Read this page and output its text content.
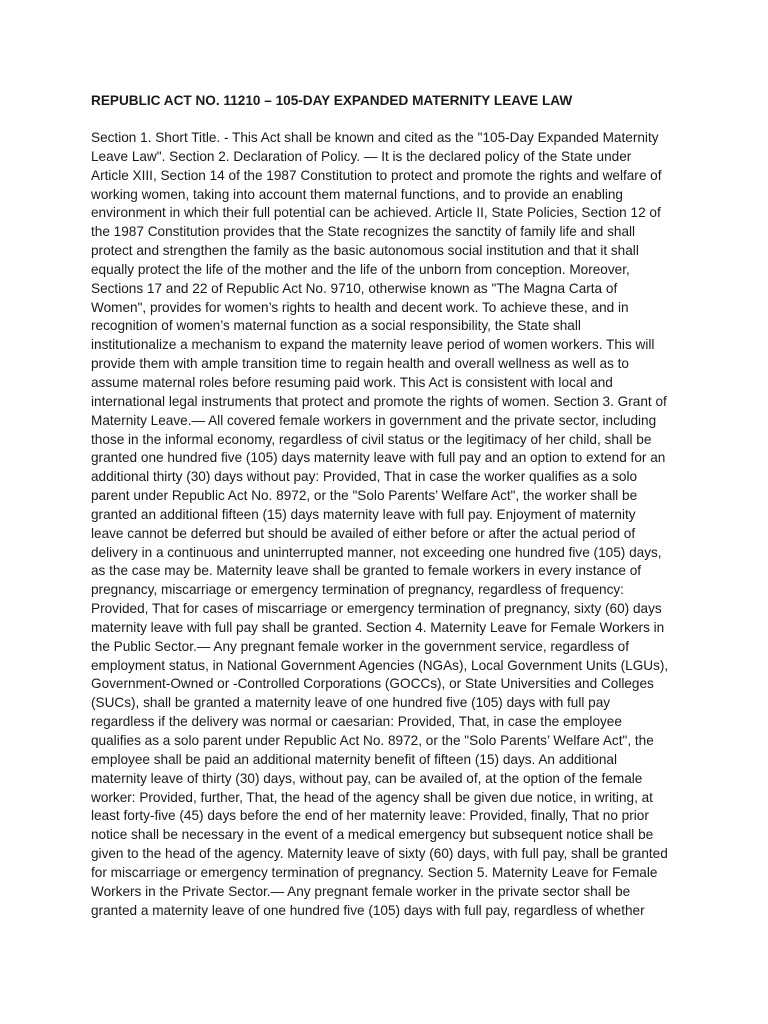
REPUBLIC ACT NO. 11210 – 105-DAY EXPANDED MATERNITY LEAVE LAW
Section 1. Short Title. - This Act shall be known and cited as the "105-Day Expanded Maternity
Leave Law". Section 2. Declaration of Policy. — It is the declared policy of the State under
Article XIII, Section 14 of the 1987 Constitution to protect and promote the rights and welfare of
working women, taking into account them maternal functions, and to provide an enabling
environment in which their full potential can be achieved. Article II, State Policies, Section 12 of
the 1987 Constitution provides that the State recognizes the sanctity of family life and shall
protect and strengthen the family as the basic autonomous social institution and that it shall
equally protect the life of the mother and the life of the unborn from conception. Moreover,
Sections 17 and 22 of Republic Act No. 9710, otherwise known as "The Magna Carta of
Women", provides for women’s rights to health and decent work. To achieve these, and in
recognition of women’s maternal function as a social responsibility, the State shall
institutionalize a mechanism to expand the maternity leave period of women workers. This will
provide them with ample transition time to regain health and overall wellness as well as to
assume maternal roles before resuming paid work. This Act is consistent with local and
international legal instruments that protect and promote the rights of women. Section 3. Grant of
Maternity Leave.— All covered female workers in government and the private sector, including
those in the informal economy, regardless of civil status or the legitimacy of her child, shall be
granted one hundred five (105) days maternity leave with full pay and an option to extend for an
additional thirty (30) days without pay: Provided, That in case the worker qualifies as a solo
parent under Republic Act No. 8972, or the "Solo Parents’ Welfare Act", the worker shall be
granted an additional fifteen (15) days maternity leave with full pay. Enjoyment of maternity
leave cannot be deferred but should be availed of either before or after the actual period of
delivery in a continuous and uninterrupted manner, not exceeding one hundred five (105) days,
as the case may be. Maternity leave shall be granted to female workers in every instance of
pregnancy, miscarriage or emergency termination of pregnancy, regardless of frequency:
Provided, That for cases of miscarriage or emergency termination of pregnancy, sixty (60) days
maternity leave with full pay shall be granted. Section 4. Maternity Leave for Female Workers in
the Public Sector.— Any pregnant female worker in the government service, regardless of
employment status, in National Government Agencies (NGAs), Local Government Units (LGUs),
Government-Owned or -Controlled Corporations (GOCCs), or State Universities and Colleges
(SUCs), shall be granted a maternity leave of one hundred five (105) days with full pay
regardless if the delivery was normal or caesarian: Provided, That, in case the employee
qualifies as a solo parent under Republic Act No. 8972, or the "Solo Parents’ Welfare Act", the
employee shall be paid an additional maternity benefit of fifteen (15) days. An additional
maternity leave of thirty (30) days, without pay, can be availed of, at the option of the female
worker: Provided, further, That, the head of the agency shall be given due notice, in writing, at
least forty-five (45) days before the end of her maternity leave: Provided, finally, That no prior
notice shall be necessary in the event of a medical emergency but subsequent notice shall be
given to the head of the agency. Maternity leave of sixty (60) days, with full pay, shall be granted
for miscarriage or emergency termination of pregnancy. Section 5. Maternity Leave for Female
Workers in the Private Sector.— Any pregnant female worker in the private sector shall be
granted a maternity leave of one hundred five (105) days with full pay, regardless of whether
